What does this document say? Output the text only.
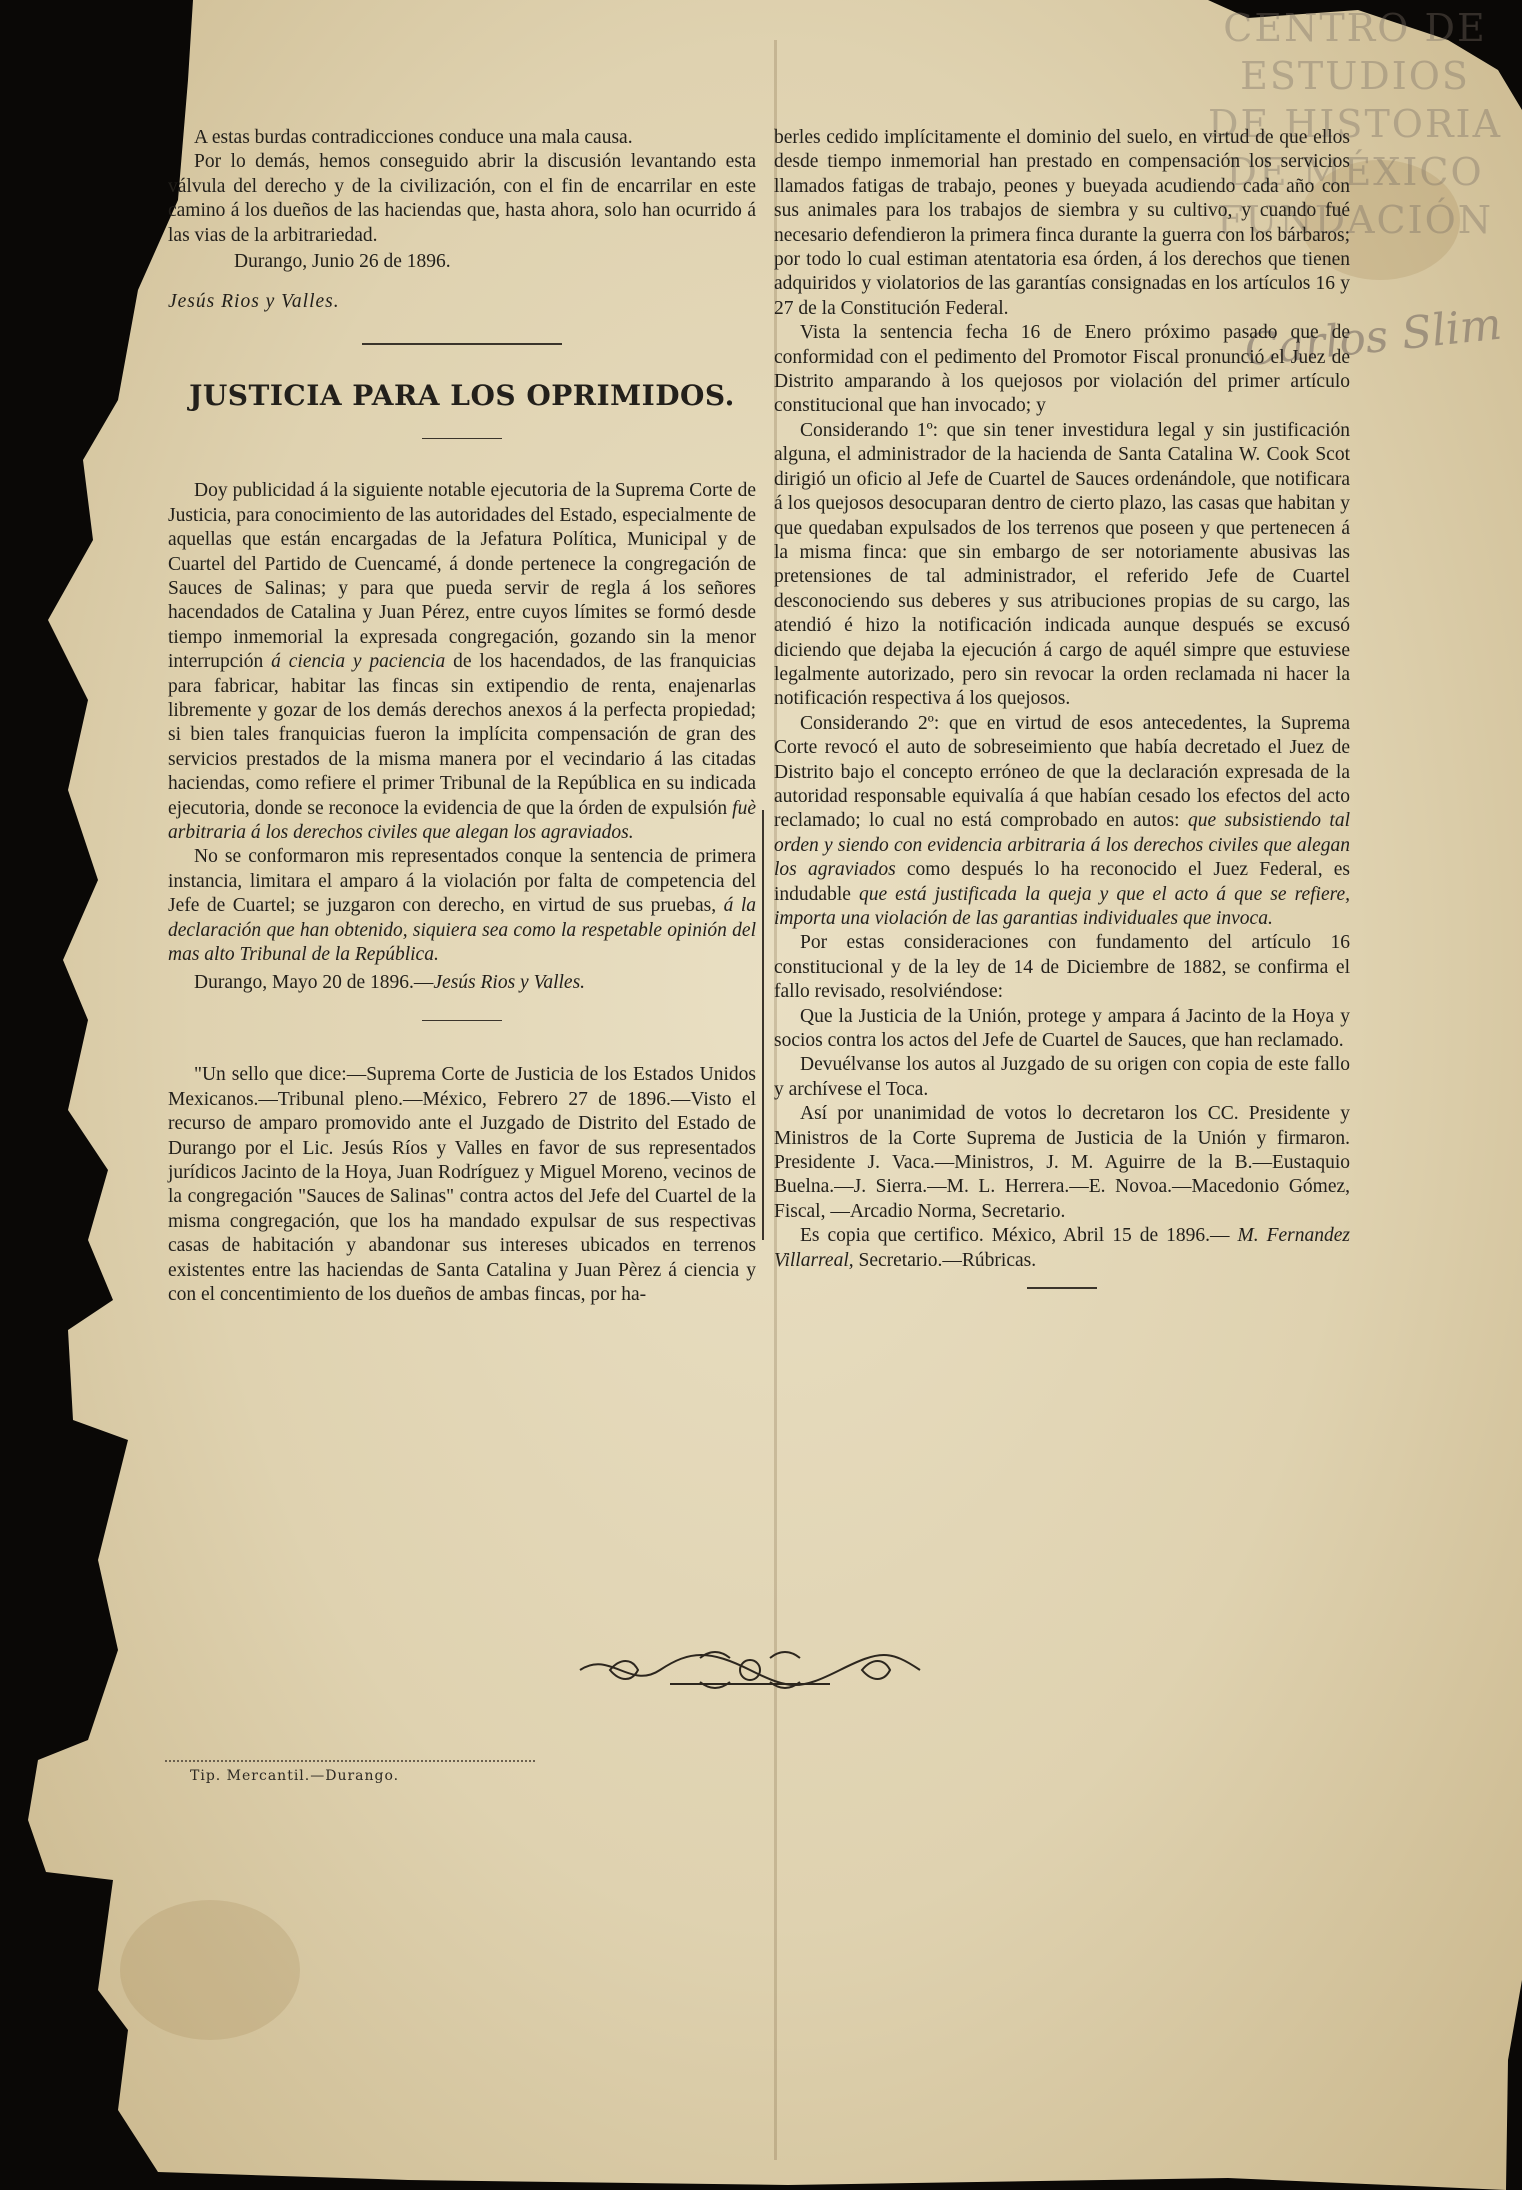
CENTRO DE
ESTUDIOS
DE HISTORIA
DE MÉXICO
FUNDACIÓN
Carlos Slim

A estas burdas contradicciones conduce una mala causa.

Por lo demás, hemos conseguido abrir la discusión levantando esta válvula del derecho y de la civilización, con el fin de encarrilar en este camino á los dueños de las haciendas que, hasta ahora, solo han ocurrido á las vias de la arbitrariedad.

Durango, Junio 26 de 1896.

Jesús Rios y Valles.

JUSTICIA PARA LOS OPRIMIDOS.

Doy publicidad á la siguiente notable ejecutoria de la Suprema Corte de Justicia, para conocimiento de las autoridades del Estado, especialmente de aquellas que están encargadas de la Jefatura Política, Municipal y de Cuartel del Partido de Cuencamé, á donde pertenece la congregación de Sauces de Salinas; y para que pueda servir de regla á los señores hacendados de Catalina y Juan Pérez, entre cuyos límites se formó desde tiempo inmemorial la expresada congregación, gozando sin la menor interrupción á ciencia y paciencia de los hacendados, de las franquicias para fabricar, habitar las fincas sin extipendio de renta, enajenarlas libremente y gozar de los demás derechos anexos á la perfecta propiedad; si bien tales franquicias fueron la implícita compensación de gran des servicios prestados de la misma manera por el vecindario á las citadas haciendas, como refiere el primer Tribunal de la República en su indicada ejecutoria, donde se reconoce la evidencia de que la órden de expulsión fuè arbitraria á los derechos civiles que alegan los agraviados.

No se conformaron mis representados conque la sentencia de primera instancia, limitara el amparo á la violación por falta de competencia del Jefe de Cuartel; se juzgaron con derecho, en virtud de sus pruebas, á la declaración que han obtenido, siquiera sea como la respetable opinión del mas alto Tribunal de la República.

Durango, Mayo 20 de 1896.—Jesús Rios y Valles.

"Un sello que dice:—Suprema Corte de Justicia de los Estados Unidos Mexicanos.—Tribunal pleno.—México, Febrero 27 de 1896.—Visto el recurso de amparo promovido ante el Juzgado de Distrito del Estado de Durango por el Lic. Jesús Ríos y Valles en favor de sus representados jurídicos Jacinto de la Hoya, Juan Rodríguez y Miguel Moreno, vecinos de la congregación "Sauces de Salinas" contra actos del Jefe del Cuartel de la misma congregación, que los ha mandado expulsar de sus respectivas casas de habitación y abandonar sus intereses ubicados en terrenos existentes entre las haciendas de Santa Catalina y Juan Pèrez á ciencia y con el concentimiento de los dueños de ambas fincas, por ha-

berles cedido implícitamente el dominio del suelo, en virtud de que ellos desde tiempo inmemorial han prestado en compensación los servicios llamados fatigas de trabajo, peones y bueyada acudiendo cada año con sus animales para los trabajos de siembra y su cultivo, y cuando fué necesario defendieron la primera finca durante la guerra con los bárbaros; por todo lo cual estiman atentatoria esa órden, á los derechos que tienen adquiridos y violatorios de las garantías consignadas en los artículos 16 y 27 de la Constitución Federal.

Vista la sentencia fecha 16 de Enero próximo pasado que de conformidad con el pedimento del Promotor Fiscal pronunció el Juez de Distrito amparando à los quejosos por violación del primer artículo constitucional que han invocado; y

Considerando 1º: que sin tener investidura legal y sin justificación alguna, el administrador de la hacienda de Santa Catalina W. Cook Scot dirigió un oficio al Jefe de Cuartel de Sauces ordenándole, que notificara á los quejosos desocuparan dentro de cierto plazo, las casas que habitan y que quedaban expulsados de los terrenos que poseen y que pertenecen á la misma finca: que sin embargo de ser notoriamente abusivas las pretensiones de tal administrador, el referido Jefe de Cuartel desconociendo sus deberes y sus atribuciones propias de su cargo, las atendió é hizo la notificación indicada aunque después se excusó diciendo que dejaba la ejecución á cargo de aquél simpre que estuviese legalmente autorizado, pero sin revocar la orden reclamada ni hacer la notificación respectiva á los quejosos.

Considerando 2º: que en virtud de esos antecedentes, la Suprema Corte revocó el auto de sobreseimiento que había decretado el Juez de Distrito bajo el concepto erróneo de que la declaración expresada de la autoridad responsable equivalía á que habían cesado los efectos del acto reclamado; lo cual no está comprobado en autos: que subsistiendo tal orden y siendo con evidencia arbitraria á los derechos civiles que alegan los agraviados como después lo ha reconocido el Juez Federal, es indudable que está justificada la queja y que el acto á que se refiere, importa una violación de las garantias individuales que invoca.

Por estas consideraciones con fundamento del artículo 16 constitucional y de la ley de 14 de Diciembre de 1882, se confirma el fallo revisado, resolviéndose:

Que la Justicia de la Unión, protege y ampara á Jacinto de la Hoya y socios contra los actos del Jefe de Cuartel de Sauces, que han reclamado.

Devuélvanse los autos al Juzgado de su origen con copia de este fallo y archívese el Toca.

Así por unanimidad de votos lo decretaron los CC. Presidente y Ministros de la Corte Suprema de Justicia de la Unión y firmaron. Presidente J. Vaca.—Ministros, J. M. Aguirre de la B.—Eustaquio Buelna.—J. Sierra.—M. L. Herrera.—E. Novoa.—Macedonio Gómez, Fiscal, —Arcadio Norma, Secretario.

Es copia que certifico. México, Abril 15 de 1896.— M. Fernandez Villarreal, Secretario.—Rúbricas.

Tip. Mercantil.—Durango.
